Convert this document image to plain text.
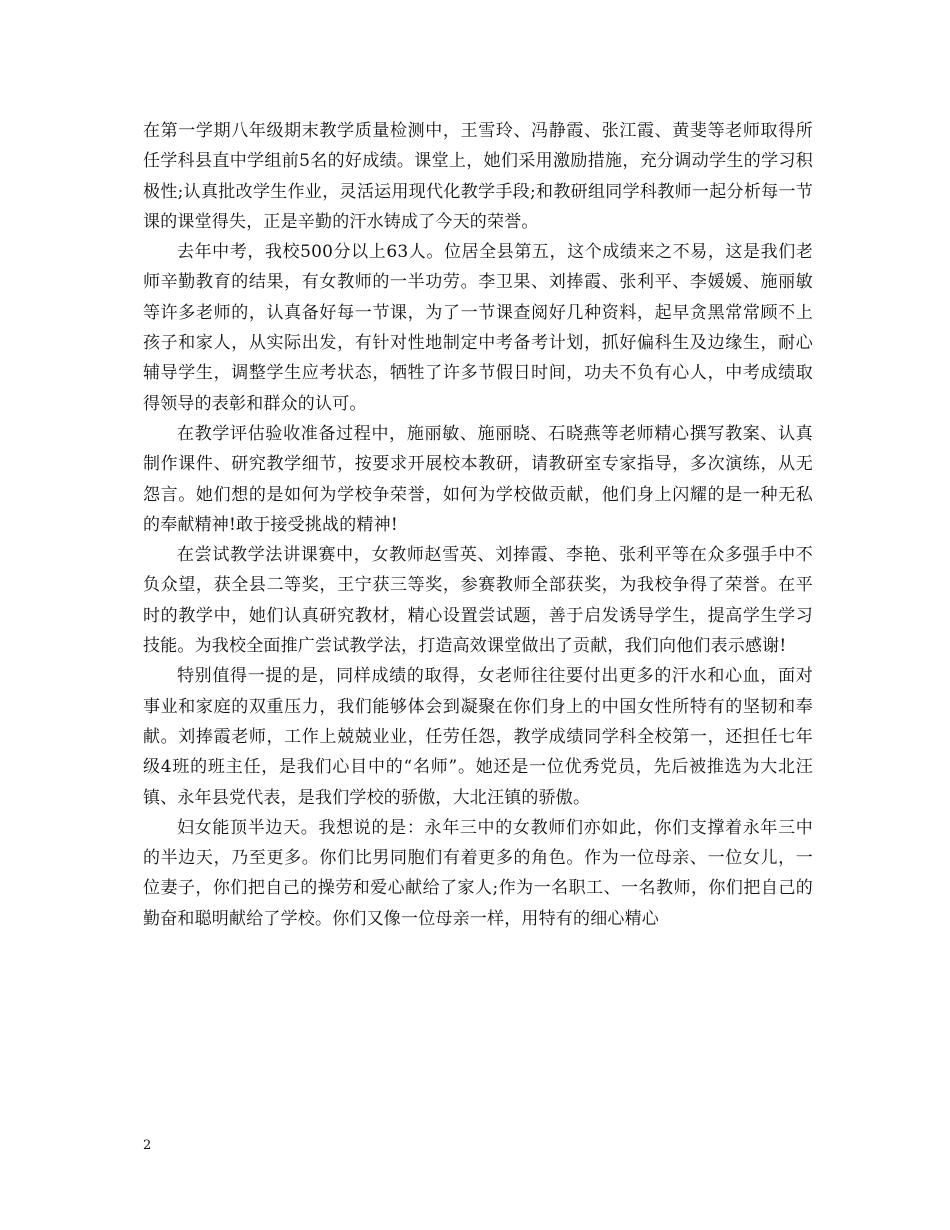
在第一学期八年级期末教学质量检测中，王雪玲、冯静霞、张江霞、黄斐等老师取得所任学科县直中学组前5名的好成绩。课堂上，她们采用激励措施，充分调动学生的学习积极性;认真批改学生作业，灵活运用现代化教学手段;和教研组同学科教师一起分析每一节课的课堂得失，正是辛勤的汗水铸成了今天的荣誉。

去年中考，我校500分以上63人。位居全县第五，这个成绩来之不易，这是我们老师辛勤教育的结果，有女教师的一半功劳。李卫果、刘捧霞、张利平、李媛媛、施丽敏等许多老师的，认真备好每一节课，为了一节课查阅好几种资料，起早贪黑常常顾不上孩子和家人，从实际出发，有针对性地制定中考备考计划，抓好偏科生及边缘生，耐心辅导学生，调整学生应考状态，牺牲了许多节假日时间，功夫不负有心人，中考成绩取得领导的表彰和群众的认可。

在教学评估验收准备过程中，施丽敏、施丽晓、石晓燕等老师精心撰写教案、认真制作课件、研究教学细节，按要求开展校本教研，请教研室专家指导，多次演练，从无怨言。她们想的是如何为学校争荣誉，如何为学校做贡献，他们身上闪耀的是一种无私的奉献精神!敢于接受挑战的精神!

在尝试教学法讲课赛中，女教师赵雪英、刘捧霞、李艳、张利平等在众多强手中不负众望，获全县二等奖，王宁获三等奖，参赛教师全部获奖，为我校争得了荣誉。在平时的教学中，她们认真研究教材，精心设置尝试题，善于启发诱导学生，提高学生学习技能。为我校全面推广尝试教学法，打造高效课堂做出了贡献，我们向他们表示感谢!

特别值得一提的是，同样成绩的取得，女老师往往要付出更多的汗水和心血，面对事业和家庭的双重压力，我们能够体会到凝聚在你们身上的中国女性所特有的坚韧和奉献。刘捧霞老师，工作上兢兢业业，任劳任怨，教学成绩同学科全校第一，还担任七年级4班的班主任，是我们心目中的“名师”。她还是一位优秀党员，先后被推选为大北汪镇、永年县党代表，是我们学校的骄傲，大北汪镇的骄傲。

妇女能顶半边天。我想说的是：永年三中的女教师们亦如此，你们支撑着永年三中的半边天，乃至更多。你们比男同胞们有着更多的角色。作为一位母亲、一位女儿，一位妻子，你们把自己的操劳和爱心献给了家人;作为一名职工、一名教师，你们把自己的勤奋和聪明献给了学校。你们又像一位母亲一样，用特有的细心精心

2
